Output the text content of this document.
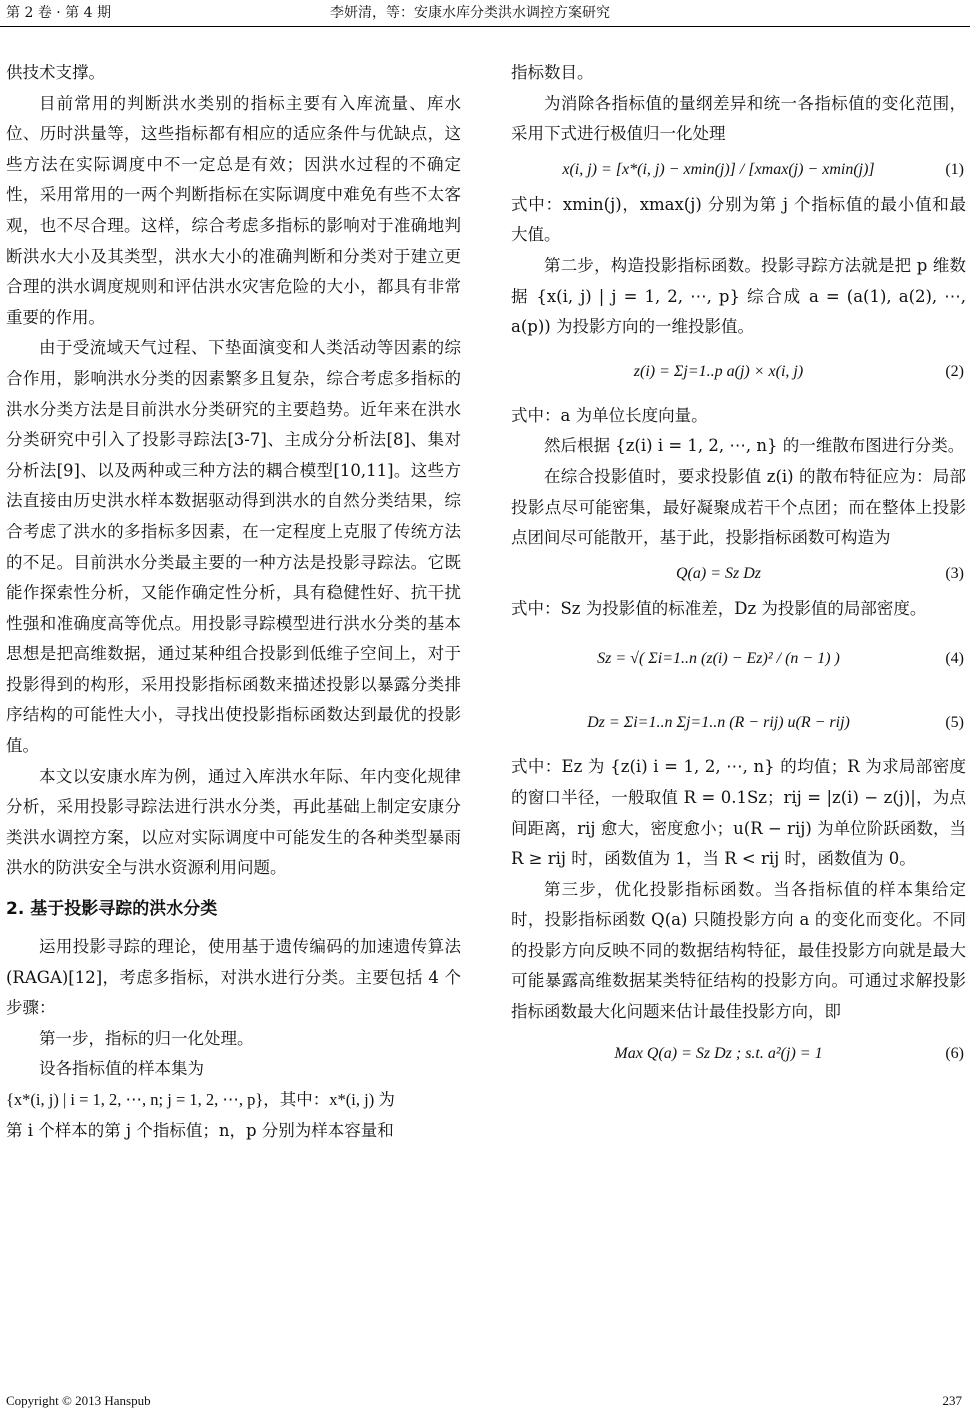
第 2 卷 · 第 4 期	李妍清，等：安康水库分类洪水调控方案研究

供技术支撑。

目前常用的判断洪水类别的指标主要有入库流量、库水位、历时洪量等，这些指标都有相应的适应条件与优缺点，这些方法在实际调度中不一定总是有效；因洪水过程的不确定性，采用常用的一两个判断指标在实际调度中难免有些不太客观，也不尽合理。这样，综合考虑多指标的影响对于准确地判断洪水大小及其类型，洪水大小的准确判断和分类对于建立更合理的洪水调度规则和评估洪水灾害危险的大小，都具有非常重要的作用。

由于受流域天气过程、下垫面演变和人类活动等因素的综合作用，影响洪水分类的因素繁多且复杂，综合考虑多指标的洪水分类方法是目前洪水分类研究的主要趋势。近年来在洪水分类研究中引入了投影寻踪法[3-7]、主成分分析法[8]、集对分析法[9]、以及两种或三种方法的耦合模型[10,11]。这些方法直接由历史洪水样本数据驱动得到洪水的自然分类结果，综合考虑了洪水的多指标多因素，在一定程度上克服了传统方法的不足。目前洪水分类最主要的一种方法是投影寻踪法。它既能作探索性分析，又能作确定性分析，具有稳健性好、抗干扰性强和准确度高等优点。用投影寻踪模型进行洪水分类的基本思想是把高维数据，通过某种组合投影到低维子空间上，对于投影得到的构形，采用投影指标函数来描述投影以暴露分类排序结构的可能性大小，寻找出使投影指标函数达到最优的投影值。

本文以安康水库为例，通过入库洪水年际、年内变化规律分析，采用投影寻踪法进行洪水分类，再此基础上制定安康分类洪水调控方案，以应对实际调度中可能发生的各种类型暴雨洪水的防洪安全与洪水资源利用问题。

2. 基于投影寻踪的洪水分类

运用投影寻踪的理论，使用基于遗传编码的加速遗传算法(RAGA)[12]，考虑多指标，对洪水进行分类。主要包括 4 个步骤：

第一步，指标的归一化处理。

设各指标值的样本集为

{x*(i, j) | i = 1, 2, ⋯, n; j = 1, 2, ⋯, p}，其中：x*(i, j) 为

第 i 个样本的第 j 个指标值；n，p 分别为样本容量和

指标数目。

为消除各指标值的量纲差异和统一各指标值的变化范围，采用下式进行极值归一化处理

x(i, j) = [x*(i, j) − xmin(j)] / [xmax(j) − xmin(j)]	(1)

式中：xmin(j)，xmax(j) 分别为第 j 个指标值的最小值和最大值。

第二步，构造投影指标函数。投影寻踪方法就是把 p 维数据 {x(i, j) | j = 1, 2, ⋯, p} 综合成 a = (a(1), a(2), ⋯, a(p)) 为投影方向的一维投影值。

z(i) = Σj=1..p a(j) × x(i, j)	(2)

式中：a 为单位长度向量。

然后根据 {z(i) i = 1, 2, ⋯, n} 的一维散布图进行分类。

在综合投影值时，要求投影值 z(i) 的散布特征应为：局部投影点尽可能密集，最好凝聚成若干个点团；而在整体上投影点团间尽可能散开，基于此，投影指标函数可构造为

Q(a) = Sz Dz	(3)

式中：Sz 为投影值的标准差，Dz 为投影值的局部密度。

Sz = √( Σi=1..n (z(i) − Ez)² / (n − 1) )	(4)
Dz = Σi=1..n Σj=1..n (R − rij) u(R − rij)	(5)

式中：Ez 为 {z(i) i = 1, 2, ⋯, n} 的均值；R 为求局部密度的窗口半径，一般取值 R = 0.1Sz；rij = |z(i) − z(j)|，为点间距离，rij 愈大，密度愈小；u(R − rij) 为单位阶跃函数，当 R ≥ rij 时，函数值为 1，当 R < rij 时，函数值为 0。

第三步，优化投影指标函数。当各指标值的样本集给定时，投影指标函数 Q(a) 只随投影方向 a 的变化而变化。不同的投影方向反映不同的数据结构特征，最佳投影方向就是最大可能暴露高维数据某类特征结构的投影方向。可通过求解投影指标函数最大化问题来估计最佳投影方向，即

Max Q(a) = Sz Dz ; s.t. a²(j) = 1	(6)
Copyright © 2013 Hanspub	237
